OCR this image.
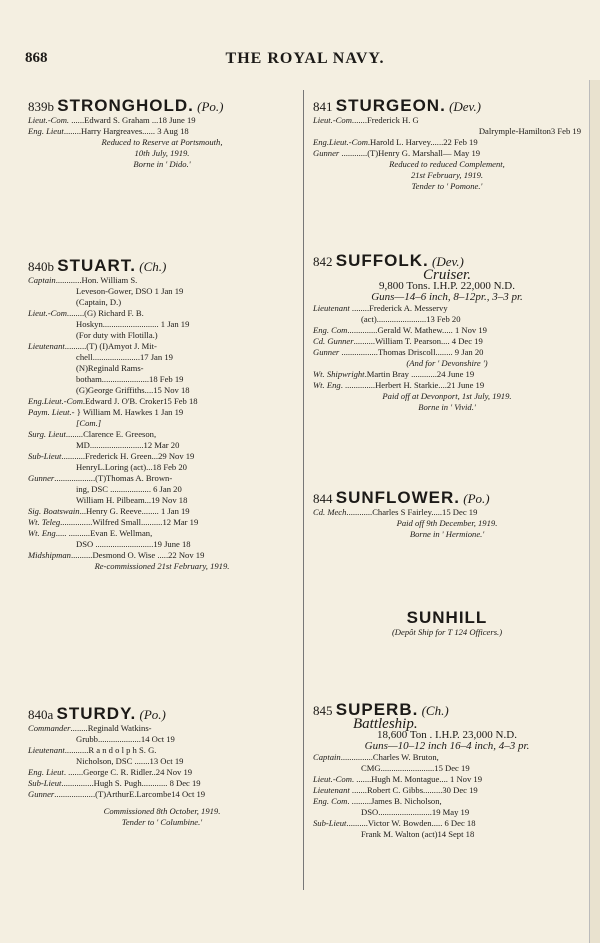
868	THE ROYAL NAVY.
839b STRONGHOLD. (Po.)
Lieut.-Com. ......Edward S. Graham ...18 June 19
Eng. Lieut........Harry Hargreaves...... 3 Aug 18
Reduced to Reserve at Portsmouth,
10th July, 1919.
Borne in ' Dido.'
841 STURGEON. (Dev.)
Lieut.-Com.......Frederick H. G
Dalrymple-Hamilton3 Feb 19
Eng.Lieut.-Com.Harold L. Harvey......22 Feb 19
Gunner ............(T)Henry G. Marshall— May 19
Reduced to reduced Complement,
21st February, 1919.
Tender to ' Pomone.'
840b STUART. (Ch.)
Captain............Hon. William S.
Leveson-Gower, DSO 1 Jan 19
(Captain, D.)
Lieut.-Com........(G) Richard F. B.
Hoskyn.......................... 1 Jan 19
(For duty with Flotilla.)
Lieutenant..........(T) (I)Amyot J. Mit-
chell......................17 Jan 19
(N)Reginald Rams-
botham......................18 Feb 19
(G)George Griffiths....15 Nov 18
Eng.Lieut.-Com.Edward J. O'B. Croker15 Feb 18
Paym. Lieut.- } William M. Hawkes 1 Jan 19
[Com.]
Surg. Lieut........Clarence E. Greeson,
MD.........................12 Mar 20
Sub-Lieut...........Frederick H. Green...29 Nov 19
HenryL.Loring (act)...18 Feb 20
Gunner...................(T)Thomas A. Brown-
ing, DSC ................... 6 Jan 20
William H. Pilbeam...19 Nov 18
Sig. Boatswain...Henry G. Reeve........ 1 Jan 19
Wt. Teleg...............Wilfred Small..........12 Mar 19
Wt. Eng..... ..........Evan E. Wellman,
DSO ...........................19 June 18
Midshipman..........Desmond O. Wise .....22 Nov 19
Re-commissioned 21st February, 1919.
842 SUFFOLK. (Dev.)
Cruiser.
9,800 Tons. I.H.P. 22,000 N.D.
Guns—14–6 inch, 8–12pr., 3–3 pr.
Lieutenant ........Frederick A. Messervy
(act).......................13 Feb 20
Eng. Com..............Gerald W. Mathew..... 1 Nov 19
Cd. Gunner..........William T. Pearson.... 4 Dec 19
Gunner .................Thomas Driscoll........ 9 Jan 20
(And for ' Devonshire ')
Wt. Shipwright.Martin Bray ............24 June 19
Wt. Eng. ..............Herbert H. Starkie....21 June 19
Paid off at Devonport, 1st July, 1919.
Borne in ' Vivid.'
844 SUNFLOWER. (Po.)
Cd. Mech............Charles S Fairley.....15 Dec 19
Paid off 9th December, 1919.
Borne in ' Hermione.'
SUNHILL
(Depôt Ship for T 124 Officers.)
840a STURDY. (Po.)
Commander........Reginald Watkins-
Grubb....................14 Oct 19
Lieutenant...........R a n d o l p h S. G.
Nicholson, DSC .......13 Oct 19
Eng. Lieut. .......George C. R. Ridler..24 Nov 19
Sub-Lieut...............Hugh S. Pugh............ 8 Dec 19
Gunner...................(T)ArthurE.Larcombe14 Oct 19
Commissioned 8th October, 1919.
Tender to ' Columbine.'
845 SUPERB. (Ch.)
Battleship.
18,600 Ton . I.H.P. 23,000 N.D.
Guns—10–12 inch 16–4 inch, 4–3 pr.
Captain...............Charles W. Bruton,
CMG.........................15 Dec 19
Lieut.-Com. .......Hugh M. Montague.... 1 Nov 19
Lieutenant .......Robert C. Gibbs.........30 Dec 19
Eng. Com. .........James B. Nicholson,
DSO.........................19 May 19
Sub-Lieut..........Victor W. Bowden..... 6 Dec 18
Frank M. Walton (act)14 Sept 18
